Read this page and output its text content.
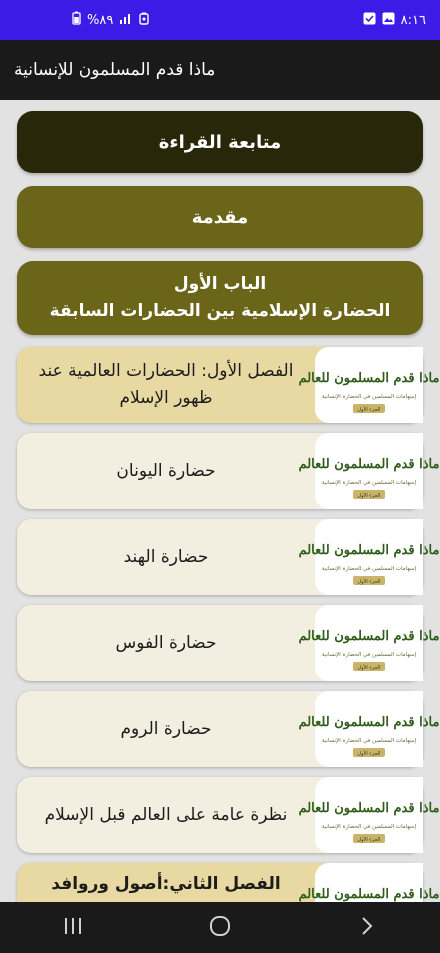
%٨٩	٨:١٦
ماذا قدم المسلمون للإنسانية
متابعة القراءة
مقدمة
الباب الأول
الحضارة الإسلامية بين الحضارات السابقة
ماذا قدم المسلمون للعالم
إسهامات المسلمين في الحضارة الإنسانية
الجزء الأول
الفصل الأول: الحضارات العالمية عند ظهور الإسلام
ماذا قدم المسلمون للعالم
إسهامات المسلمين في الحضارة الإنسانية
الجزء الأول
حضارة اليونان
ماذا قدم المسلمون للعالم
إسهامات المسلمين في الحضارة الإنسانية
الجزء الأول
حضارة الهند
ماذا قدم المسلمون للعالم
إسهامات المسلمين في الحضارة الإنسانية
الجزء الأول
حضارة الفوس
ماذا قدم المسلمون للعالم
إسهامات المسلمين في الحضارة الإنسانية
الجزء الأول
حضارة الروم
ماذا قدم المسلمون للعالم
إسهامات المسلمين في الحضارة الإنسانية
الجزء الأول
نظرة عامة على العالم قبل الإسلام
ماذا قدم المسلمون للعالم
الفصل الثاني:أصول وروافد
